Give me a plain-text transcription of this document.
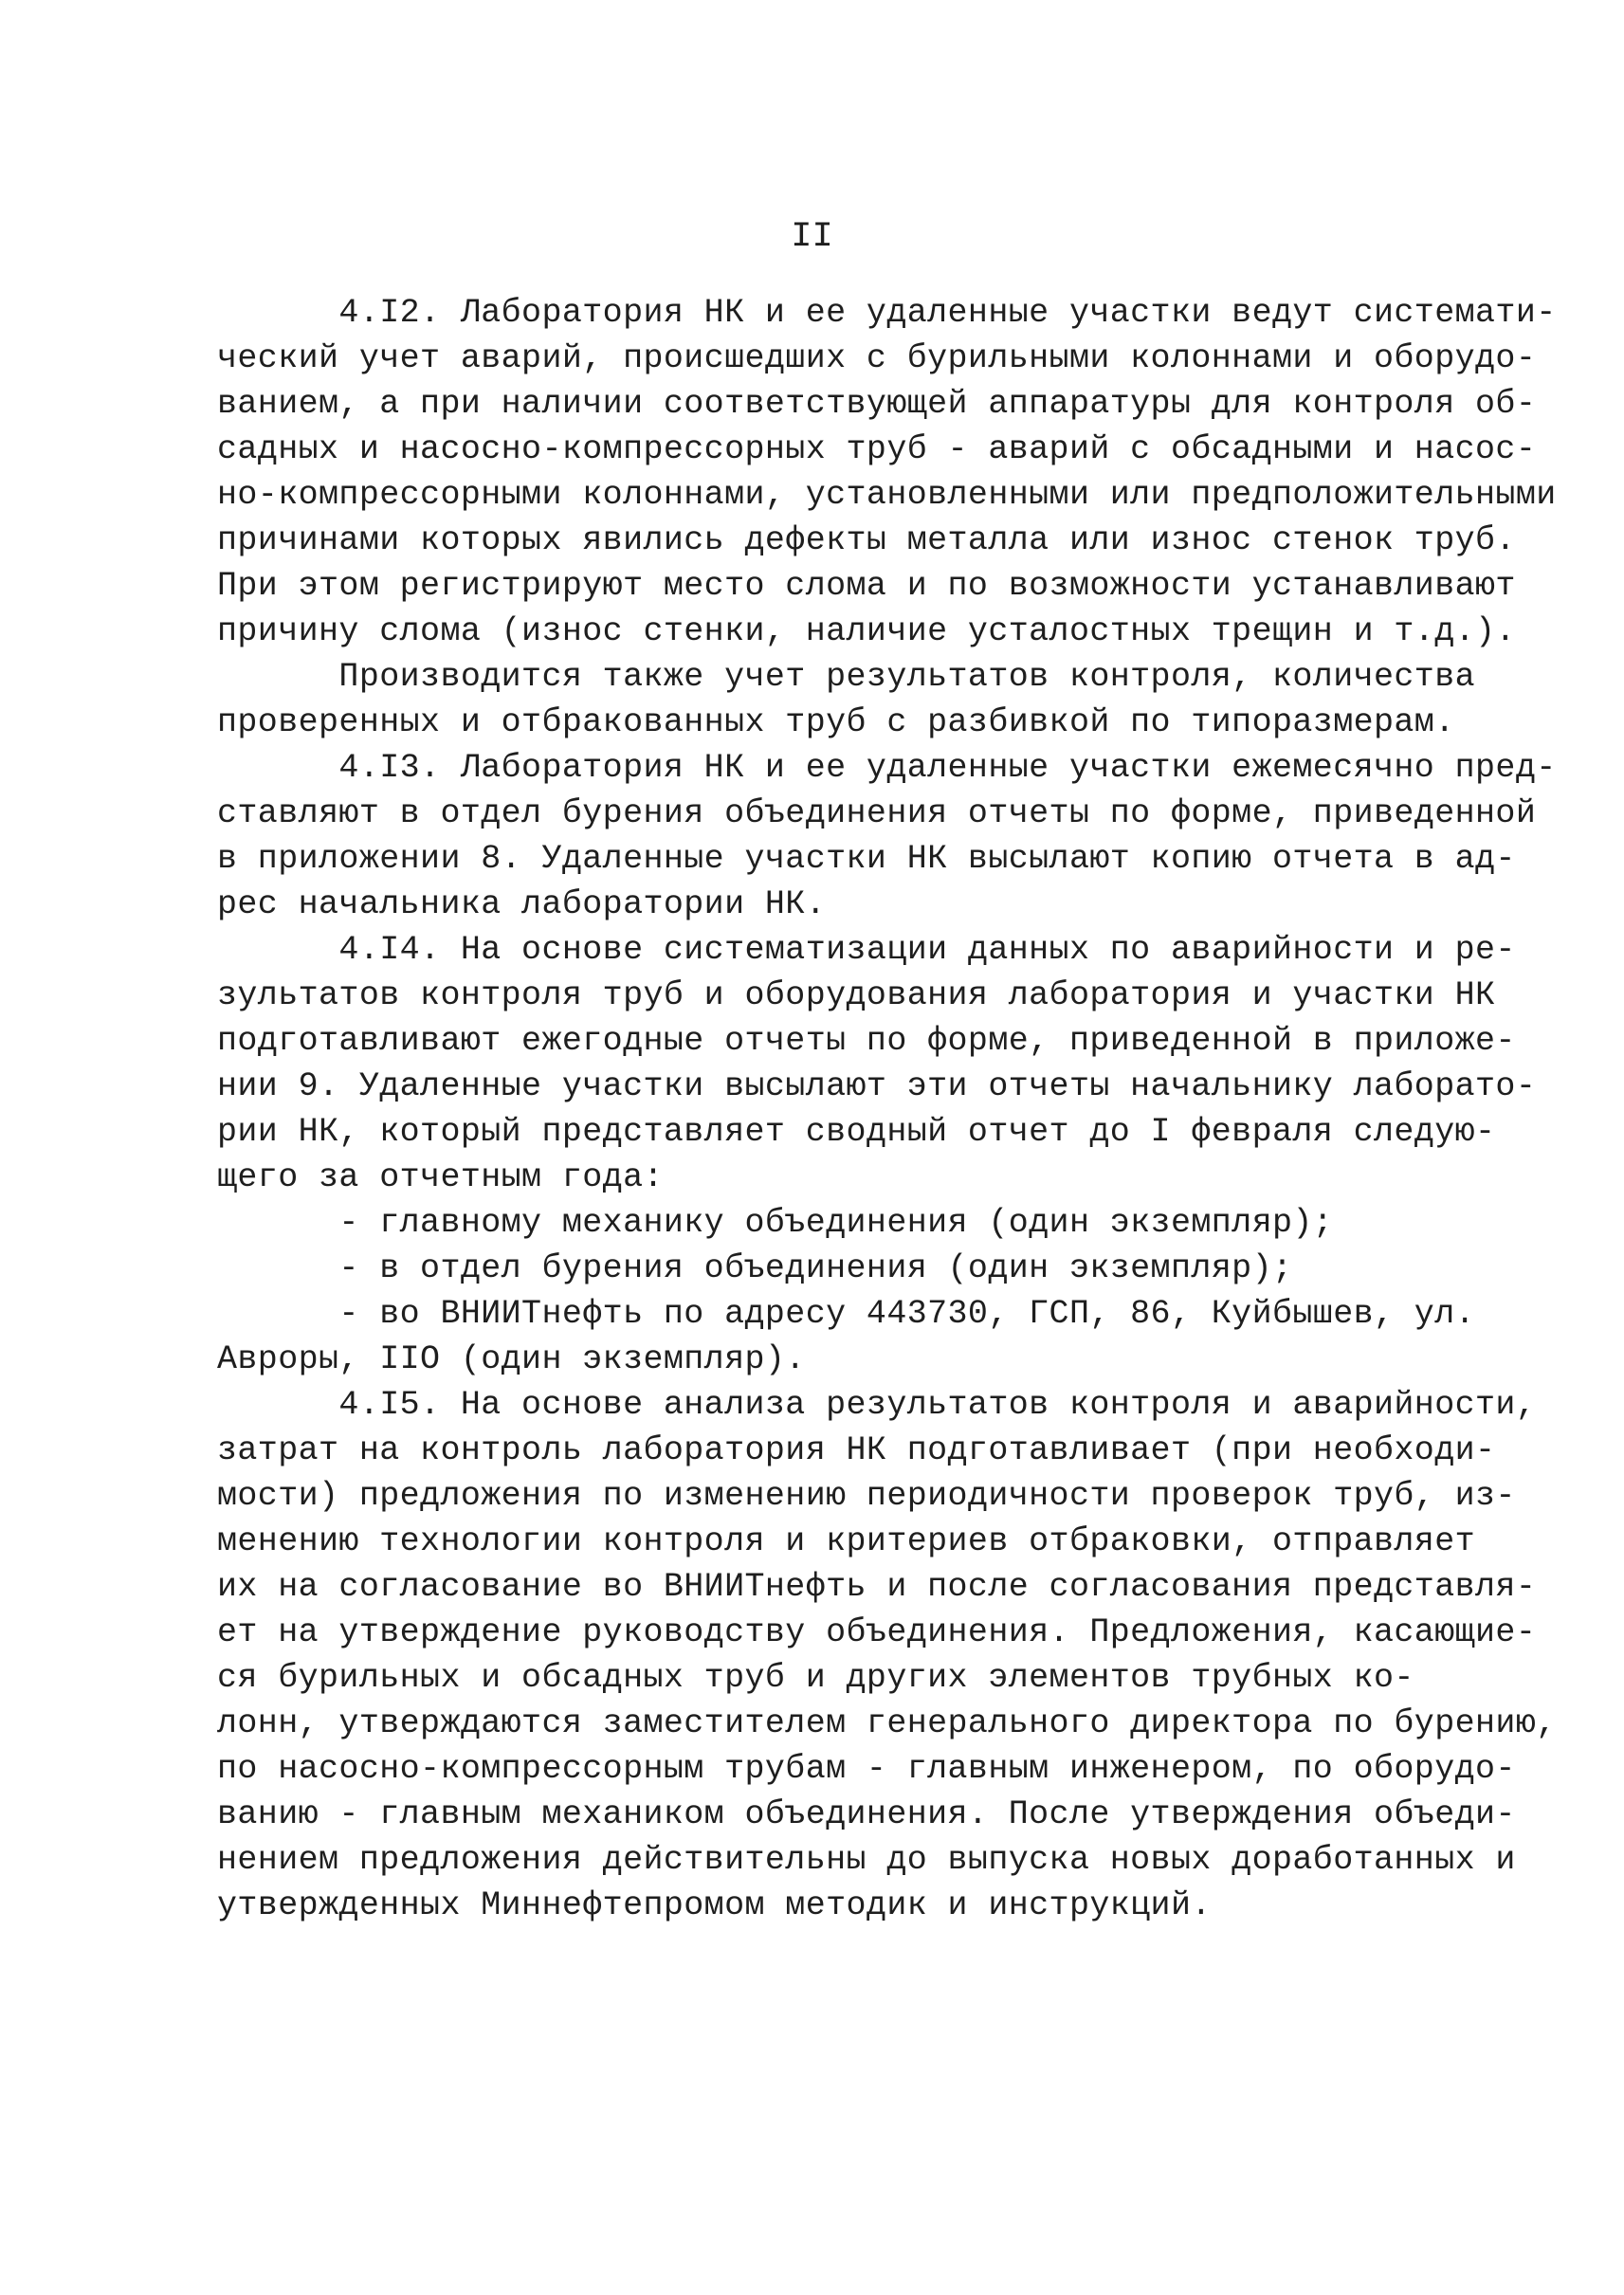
II
4.I2. Лаборатория НК и ее удаленные участки ведут системати-
ческий учет аварий, происшедших с бурильными колоннами и оборудо-
ванием, а при наличии соответствующей аппаратуры для контроля об-
садных и насосно-компрессорных труб - аварий с обсадными и насос-
но-компрессорными колоннами, установленными или предположительными
причинами которых явились дефекты металла или износ стенок труб.
При этом регистрируют место слома и по возможности устанавливают
причину слома (износ стенки, наличие усталостных трещин и т.д.).
Производится также учет результатов контроля, количества
проверенных и отбракованных труб с разбивкой по типоразмерам.
4.I3. Лаборатория НК и ее удаленные участки ежемесячно пред-
ставляют в отдел бурения объединения отчеты по форме, приведенной
в приложении 8. Удаленные участки НК высылают копию отчета в ад-
рес начальника лаборатории НК.
4.I4. На основе систематизации данных по аварийности и ре-
зультатов контроля труб и оборудования лаборатория и участки НК
подготавливают ежегодные отчеты по форме, приведенной в приложе-
нии 9. Удаленные участки высылают эти отчеты начальнику лаборато-
рии НК, который представляет сводный отчет до I февраля следую-
щего за отчетным года:
- главному механику объединения (один экземпляр);
- в отдел бурения объединения (один экземпляр);
- во ВНИИТнефть по адресу 443730, ГСП, 86, Куйбышев, ул.
Авроры, IIO (один экземпляр).
4.I5. На основе анализа результатов контроля и аварийности,
затрат на контроль лаборатория НК подготавливает (при необходи-
мости) предложения по изменению периодичности проверок труб, из-
менению технологии контроля и критериев отбраковки, отправляет
их на согласование во ВНИИТнефть и после согласования представля-
ет на утверждение руководству объединения. Предложения, касающие-
ся бурильных и обсадных труб и других элементов трубных ко-
лонн, утверждаются заместителем генерального директора по бурению,
по насосно-компрессорным трубам - главным инженером, по оборудо-
ванию - главным механиком объединения. После утверждения объеди-
нением предложения действительны до выпуска новых доработанных и
утвержденных Миннефтепромом методик и инструкций.
